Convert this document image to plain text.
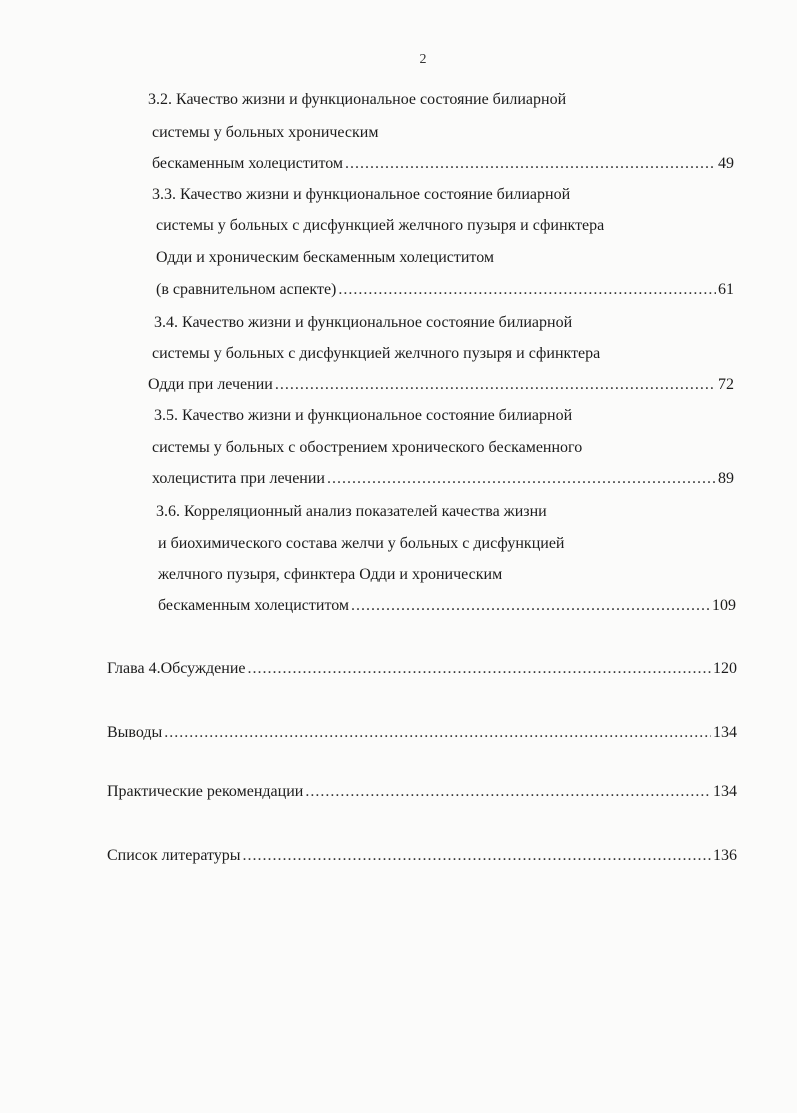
2
3.2. Качество жизни и функциональное состояние билиарной
системы у больных хроническим
бескаменным холециститом .....	49
3.3. Качество жизни и функциональное состояние билиарной
системы у больных с дисфункцией желчного пузыря и сфинктера
Одди и хроническим бескаменным холециститом
(в сравнительном аспекте) .....	61
3.4. Качество жизни и функциональное состояние билиарной
системы у больных с дисфункцией желчного пузыря и сфинктера
Одди при лечении .....	72
3.5. Качество жизни и функциональное состояние билиарной
системы у больных с обострением хронического бескаменного
холецистита при лечении .....	89
3.6. Корреляционный анализ показателей качества жизни
и биохимического состава желчи у больных с дисфункцией
желчного пузыря, сфинктера Одди и хроническим
бескаменным холециститом .....	109
Глава 4.Обсуждение .....	120
Выводы .....	134
Практические рекомендации .....	134
Список литературы .....	136
